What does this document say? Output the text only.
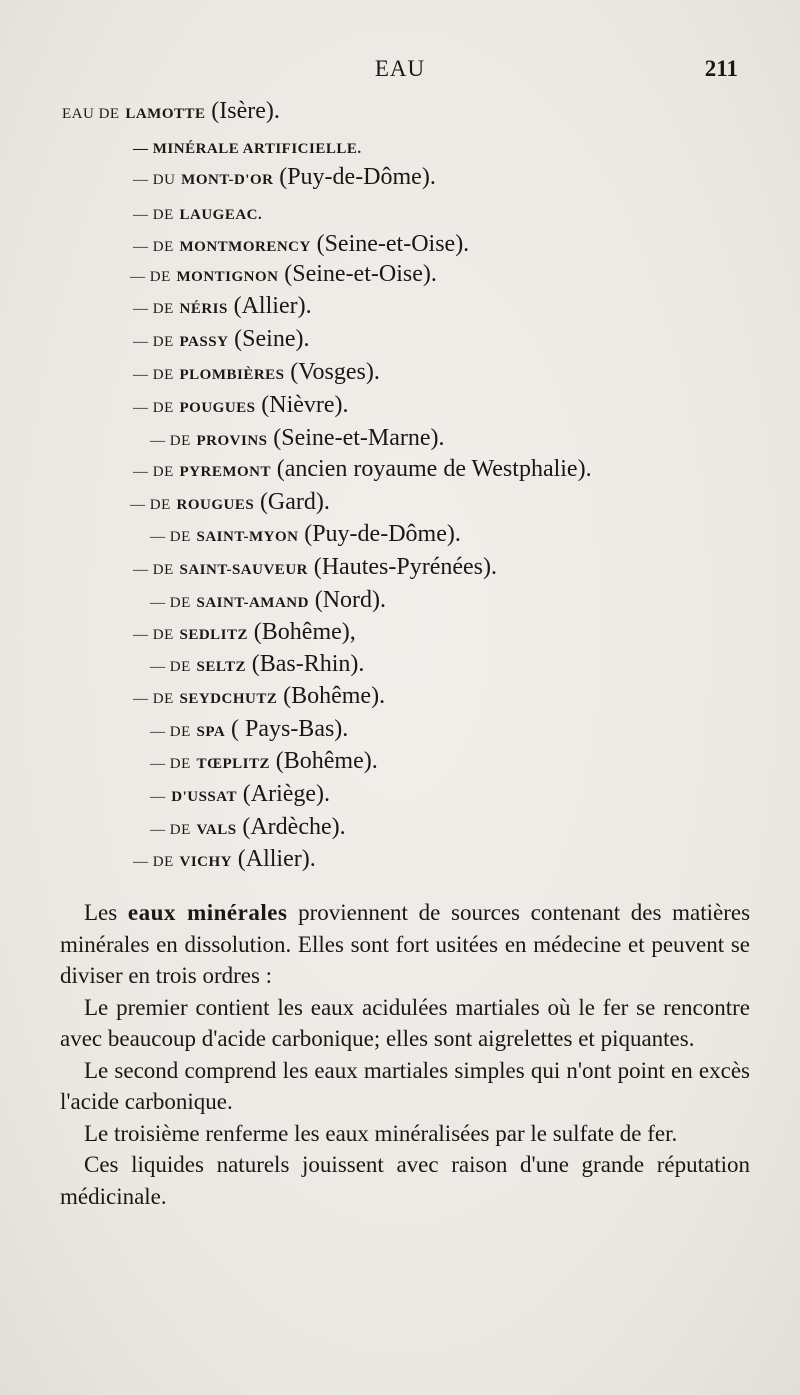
EAU	211
EAU DE LAMOTTE (Isère).
— MINÉRALE ARTIFICIELLE.
— DU MONT-D'OR (Puy-de-Dôme).
— DE LAUGEAC.
— DE MONTMORENCY (Seine-et-Oise).
— DE MONTIGNON (Seine-et-Oise).
— DE NÉRIS (Allier).
— DE PASSY (Seine).
— DE PLOMBIÈRES (Vosges).
— DE POUGUES (Nièvre).
— DE PROVINS (Seine-et-Marne).
— DE PYREMONT (ancien royaume de Westphalie).
— DE ROUGUES (Gard).
— DE SAINT-MYON (Puy-de-Dôme).
— DE SAINT-SAUVEUR (Hautes-Pyrénées).
— DE SAINT-AMAND (Nord).
— DE SEDLITZ (Bohême),
— DE SELTZ (Bas-Rhin).
— DE SEYDCHUTZ (Bohême).
— DE SPA ( Pays-Bas).
— DE TŒPLITZ (Bohême).
— D'USSAT (Ariège).
— DE VALS (Ardèche).
— DE VICHY (Allier).

Les eaux minérales proviennent de sources contenant des matières minérales en dissolution. Elles sont fort usitées en médecine et peuvent se diviser en trois ordres :

Le premier contient les eaux acidulées martiales où le fer se rencontre avec beaucoup d'acide carbonique; elles sont aigrelettes et piquantes.

Le second comprend les eaux martiales simples qui n'ont point en excès l'acide carbonique.

Le troisième renferme les eaux minéralisées par le sulfate de fer.

Ces liquides naturels jouissent avec raison d'une grande réputation médicinale.
